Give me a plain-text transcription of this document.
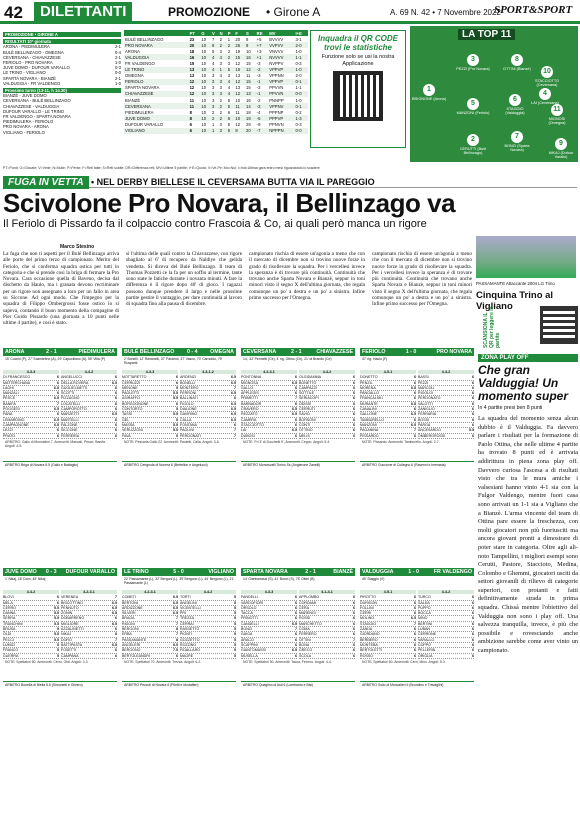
42	DILETTANTI	PROMOZIONE • Girone A	A. 69 N. 42 • 7 Novembre 2022
SPORT&SPORT
PROMOZIONE • GIRONE A
RISULTATI 10ª giornata
ARONA - PIEDIMULERA	2-1
BULÉ BELLINZAGO - OMEGNA	0-4
CEVERSANA - CHIAVAZZESE	2-1
FERIOLO - PRO NOVARA	1-0
JUVE DOMO - DUFOUR VARALLO	0-3
LE TRINO - VIGLIANO	0-0
SPARTA NOVARA - BIANZÈ	2-1
VALDUGGIA - FR VALDENGO	1-0
Prossimo turno (13-11, h 14.30)
BIANZÈ - JUVE DOMO
CEVERSANA - BULÉ BELLINZAGO
CHIAVAZZESE - VALDUGGIA
DUFOUR VARALLO - LE TRINO
FR VALDENGO - SPARTA NOVARA
PIEDIMULERA - FERIOLO
PRO NOVARA - ARONA
VIGLIANO - FERIOLO
	PT	G	V	N	P	F	S	RE	MV	I+E
BULÉ BELLINZAGO	23	10	7	2	1	20	8	+5	BVVVV	3-1
PRO NOVARA	20	10	6	2	2	26	9	+7	VVPVV	2-0
ARONA	18	10	5	3	2	19	10	+3	VNVVV	1-0
VALDUGGIA	16	10	4	4	2	15	16	+1	NVVVV	1-1
FR VALDENGO	15	10	4	3	3	12	15	-3	NVPPV	0-3
LE TRINO	13	10	4	1	5	15	12	-2	VPPVP	1-0
OMEGNA	13	10	3	4	3	13	11	-3	VPPNN	2-0
FERIOLO	12	10	3	3	4	12	15	-1	VPPVP	0-1
SPARTA NOVARA	12	10	3	3	4	13	15	-3	PPVVN	1-1
CHIAVAZZESE	12	10	3	3	4	12	13	-1	PPVVN	0-0
BIANZÈ	11	10	3	2	5	10	16	-2	PNNPP	1-0
CEVERSANA	11	10	3	2	5	11	14	-3	VPPNV	0-1
PIEDIMULERA	8	10	2	2	6	11	18	-4	PPPNP	0-2
JUVE DOMO	8	10	2	2	6	10	19	-5	PPPVP	1-3
DUFOUR VARALLO	6	10	1	3	6	12	29	-9	PPNVN	0-3
VIGLIANO	6	10	1	3	6	8	20	-7	NPPPN	0-0
Inquadra il QR CODE trovi le statistiche
Funzione solo se usi la nostra Applicazione
LA TOP 11
1
BRIGNONE (Arona)
3
PEZZI (Pro Novara)
5
MANZONI (Feriolo)
2
CERUTTI (Bulé Bellinzago)
8
OTTINI (Bianzè)
6
STAGGIO (Valduggia)
7
BONZI (Sparta Novara)
10
STACCIOTTO (Ceversana)
11
MIGNOSI (Omegna)
9
NIKAJ (Dufour Varallo)
4
LAI (Ceversana)
PT=Punti; G=Giocate; V=Vinte; N=Nulle; P=Perse; F=Reti fatte; S=Reti subite; DR=Differenza reti; MV=Ultime 5 partite; I+E=Quota; V=Ve-Pe; Mo=Nul; I=Ind=Ultima gara entro mesi riguardando lo scadere
FUGA IN VETTA • NEL DERBY BIELLESE IL CEVERSAMA BUTTA VIA IL PAREGGIO
Scivolone Pro Novara, il Bellinzago va
Il Feriolo di Pissardo fa il colpaccio contro Frascoia & Co, ai quali però manca un rigore
Marco Stesino
La fuga che non ti aspetti per il Bulé Bellinzago arriva alle porte del primo terzo di campionato. Merito del Feriolo, che si conferma squadra ostica per tutti in categoria e che si prende così la briga di fermare la Pro Novara. Cara occasione quella di Baveno, decisa dal dischetto da Haulo, ma i granata devono recriminare per un rigore non assegnato a loro per un fallo in area su Siccone. Ad ogni modo. Che l'impegno per la squadra di Filippo Ombergrossi fosse ostico lo si sapeva, contando il buon momento della compagine di Pier Guido Pissardo (una giornata a 10 punti nelle ultime 4 partite), e così è stato.
si l'ultima delle quali contro la Chiavazzese, con rigore sbagliato al 6' di recupero da Naldiye che gelida vendetta. Si diceva del Bulé Bellinzago. Il team di Thomas Pozzetti ce la fa per un soffio al termine, tante sono state le fatiche durante i novanta minuti. A fare la differenza è il rigore dopo 40' di gioco. I ragazzi possono dunque prendere il largo e nelle prossime partite gestire il vantaggio, per dare continuità al lavoro di squadra fino alla pausa di dicembre.
campionato rischia di essere un'agonia a meno che con il mercato di dicembre non si trovino nuove forze in grado di risollevare la squadra. Per i vercellesi invece la speranza è di trovare più continuità. Continuità che trovano anche Sparta Novara e Bianzè, seppur in toni minori visto il segno X dell'ultima giornata, che regala comunque un po' a destra e un po' a sinistra. Infine primo successo per l'Omegna.
campionato rischia di essere un'agonia a meno che con il mercato di dicembre non si trovino nuove forze in grado di risollevare la squadra. Per i vercellesi invece la speranza è di trovare più continuità. Continuità che trovano anche Sparta Novara e Bianzè, seppur in toni minori visto il segno X dell'ultima giornata, che regala comunque un po' a destra e un po' a sinistra. Infine primo successo per l'Omegna.
PASSAMANTE Attaccante 2004 LG Trino
Cinquina Trino al Vigliano
SCANSIONA IL QR per leggere le partite
ARONA	2 - 1	PIEDIMULERA
15' Cucchi (P), 27' Scandelino (A), 29' Capuciliano (A), 55' Villa (P)
4-3-3
DI FRANCESCO	6
MATTERCHANA	6
LAGHI	6.5
MANZALI	6
PESCE	6.5
BANIFA	7
POGGESI	6.5
FANA	6
LEMARDINO	6.5
CAMPAGNONE	6.5
LEZZI	6
PRATO	6
4-4-2
ANGELUCCI	6
DELLA ROVERA	6.5
GUGLIELMETTI	6
SCOTTI	6
PIZZAGNO	6
LOCATELLI	6
CAMPOROTTO	6
MARZETTI	6.5
MARTELLI	6
FALZONE	6
SICCONE	6
FERREIRA	6
ARBITRO: Gallo di Moncalieri 7. Ammoniti: Manzali, Pesce, Banifa. Angoli: 4-5.
ARBITRO Briga di Novara 6.5 (Gallo e Battaglio)
BULÉ BELLINZAGO 0 - 4 OMEGNA
2' Bonelli, 12' Ravanelli, 37' Pardeoli, 37' Vasco, 70' Carnoldo, 79' Ruspanti
4-3-3
MOTTARETTO	6
CERRUZZI	6
MENONE	5
PAOLETTI	5.5
ASIRAFFO	5.5
BORGOGNONE	6
CONTORTO	5
TASSI	5.5
GEL	5
MASSA	5.5
VERUZZONI	5.5
FAVA	5
4-3-1-2
ARDENZI	6.5
BONELLI	6.5
MONTERO	7
FERRONI	6.5
BALLINATI	6
FIGOLO	6.5
DIALIONE	6.5
GAVIRINO	6.5
CALLA	6.5
FONTANA	6
PAOLINI	7
PERDONATI	7
NOTE: Pescaria Gallo 22. Ammoniti: Paoletti, Calla. Angoli: 3-6.
ARBITRO Cerignola di Nocera 6 (Bertellon e Angelucci)
CEVERSANA	2 - 1	CHIAVAZZESE
14', 32' Pennetti (Ce), 4' rig. Ottino (Ch), 21' di Brando (Ce)
4-2-3-1
PONTONNA	6
MIGNOSA	6.5
GALLO	6
APPLEGIS	6
PRIMETTI	7
BARBADOR	6
CRAVERO	6.5
REZZATO	6.5
CAMERA	6
STACCIOTTO	6
LAI	6.5
DUBOSI	6
4-4-2
OLGIDAMMA	6
BONETTO	6
CAMPAZZI	6
SOTTILE	6
SERIACOPI	6
ODISSI	6
CERRUTI	6
SAVIO	6
BORSONI	6
CONTI	6
OTTINO	6
MELIS	6
NOTE: Pri 3' di Zucchetti 9', Ammoniti: Ceppo. Angoli: 5-4.
ARBITRO Moncisvalli Torino Ss (Anglerone Zanelli)
FERIOLO	1 - 0	PRO NOVARA
47' rig. Haulo (F)
4-5-1
DONETTO	6
PENZIL	6
MORENA	6.5
PANGALLO	6
FRANCALSKI	6
MURANTE	6.5
CANALINI	6
GALLONE	6.5
TAMBURELLO	6
MANZONI	6.5
PAGANINA	7
PISSARDO	6
4-4-2
BASSI	6
PEZZI	6
MARCOLI	6
RIGOLOI	6
PERDONATO	6
VALOTTI	6
ZANIGLIO	6
FERRARIA	6
BOSSI	6
PARGA	6
ANCESARDO	5.5
OMBERGROSSI	6
NOTE: Pissardo. Ammoniti: Tamburello. Angoli: 2-7.
ARBITRO Guccione di Collegno 6 (Ravenni e Imerasta)
JUVE DOMO 0 - 3 DUFOUR VARALLO
1' Nikaj, 18' Doro, 45' Nikaj
4-4-2
BLOVI	6
MELA	6
CERRO	5.5
DANNA	5.5
SERRA	5.5
TRANCHINI	5.5
BRUSA	5
OLDI	5.5
PECCI	5.5
LUMIZI	5
FRANCO	5
GUERRA	5
4-2-3-1
VERENEA	7
BISCOTTINO	6.5
PENNUTO	6.5
ZONIN	6.5
DOBARRENO	6
MIGLIORE	6.5
AZZALINETTI	6
NIKAJ	8
DORO	7
BATTIPASTA	6.5
FOSETTI	6
CAMPANA	6
NOTE: Spettatori 80. Ammoniti: Cerro, Oldi. Angoli: 3-3.
ARBITRO Bonella di Biella 6.5 (Simonetti e Olivero)
LE TRINO	5 - 0	VIGLIANO
22' Passamante (L), 32' Bergoni (L), 39' Bergono (L), 44' Bergono (L), 21' Passamante (L)
4-2-3-1
COMETI	6.5
BERTONI	6.5
ARDIZZONE	6.5
SILVERI	6.5
BRAGA	7
RIGONI	7
BERGONI	8
ERBA	7
PASSAMANTE	8
ANGELERI	6.5
BERGONO	7.5
BERTOLEANDRI	6
4-4-2
TORTI	5
ANGELINI	5
VICENTELLI	5
PRI	5
TREZZA	5
CERRAI	5
RASSETTO	5
PIONTI	5
GOZZETTO	5
ROZZINO	5
FIDALLARO	5
MAGRE	5
NOTE: Spettatori 70. Ammoniti: Trezza. Angoli: 6-2.
ARBITRO Pezzoli di Novara 6 (Piletti e Modafferi)
SPARTA NOVARA	2 - 1	BIANZÈ
14' Giantomassi (S), 41' Bonzi (S), 75' Ottini (B)
4-3-3
FANDELLI	6
VARDOFIORI	6
ORSOLO	6
TACCA	6
PRINOTTI	6
CANDELLI	6.5
BONZI	7
GAIGA	6
ARACO	6
SCAPPINI	6
GIANTOMASSI	6.5
MUSELLA	6
4-1-4-1
APPLOMBO	6
CORDAMI	6
CERA	6
MARENGI	6
ROSSI	6
MARCHETTO	6
COMA	6
FERRERO	6
OTTINI	7
BONA	6
GRECO	6
SCOLA	6
NOTE: Spettatori 50. Ammoniti: Tacca, Ferrero. Angoli: 4-4.
ARBITRO Quaglino di Asti 6 (Lombardo e Bisi)
VALDUGGIA	1 - 0	FR VALDENGO
49' Staggio (V)
4-5-1
PIROTTO	6
DURIGON	6
FOLLINI	6
CERRI	6
MOLINO	6.5
STAGGIO	7
ZANDA	6
GIORDANO	6
BERBERO	6
MONTEBA	6
BERTOLETTI	6
ROSSO	6
4-4-2
TURCO	6
SALDA	6
PUPPO	6
BOCCA	6
MINO	6
BERTINI	6
LUBAN	6
CERRONE	6
VARALLO	6
COPPO	6
PELLERIN	6
ORIGLIA	6
NOTE: Spettatori 60. Ammoniti: Cerri, Mino. Angoli: 5-3.
ARBITRO Sollo di Moncalieri 6 (Brondino e Travaglini)
ZONA PLAY OFF
Che gran Valduggia! Un momento super
In 4 partite presi ben 8 punti
La squadra del momento senza alcun dubbio è il Valduggia. Fa davvero parlare i risultati per la formazione di Paolo Ottina, che nelle ultime 4 partite ha trovato 8 punti ed è arrivata addirittura in piena zona play off. Davvero curiosa l'ascesa a di risultati visto che tra le mura amiche i valsesiani hanno vinto 4-1 sia con la Fulgor Valdengo, mentre fuori casa sono arrivati un 1-1 sia a Vigliano che a Bianzè. L'arma vincente del team di Ottina pare essere la freschezza, con molti giocatori non più fuoriusciti ma ancora giovani pronti a dimostrare di poter stare in categoria. Oltre agli ali-noto Tampellini, i migliori esempi sono Cerutti, Pastore, Staccioto, Medina, Colombo e Ghemmi, giocatori usciti da settori giovanili di rilievo di categorie superiori, con protanti e fatti definitivamente strada in prima squadra. Chissà mentre l'obiettivo del Valduggia non sono i play off. Una salvezza tranquilla, invece, è più che possibile e rovesciando anche ambizione sarebbe come aver vinto un campionato.
